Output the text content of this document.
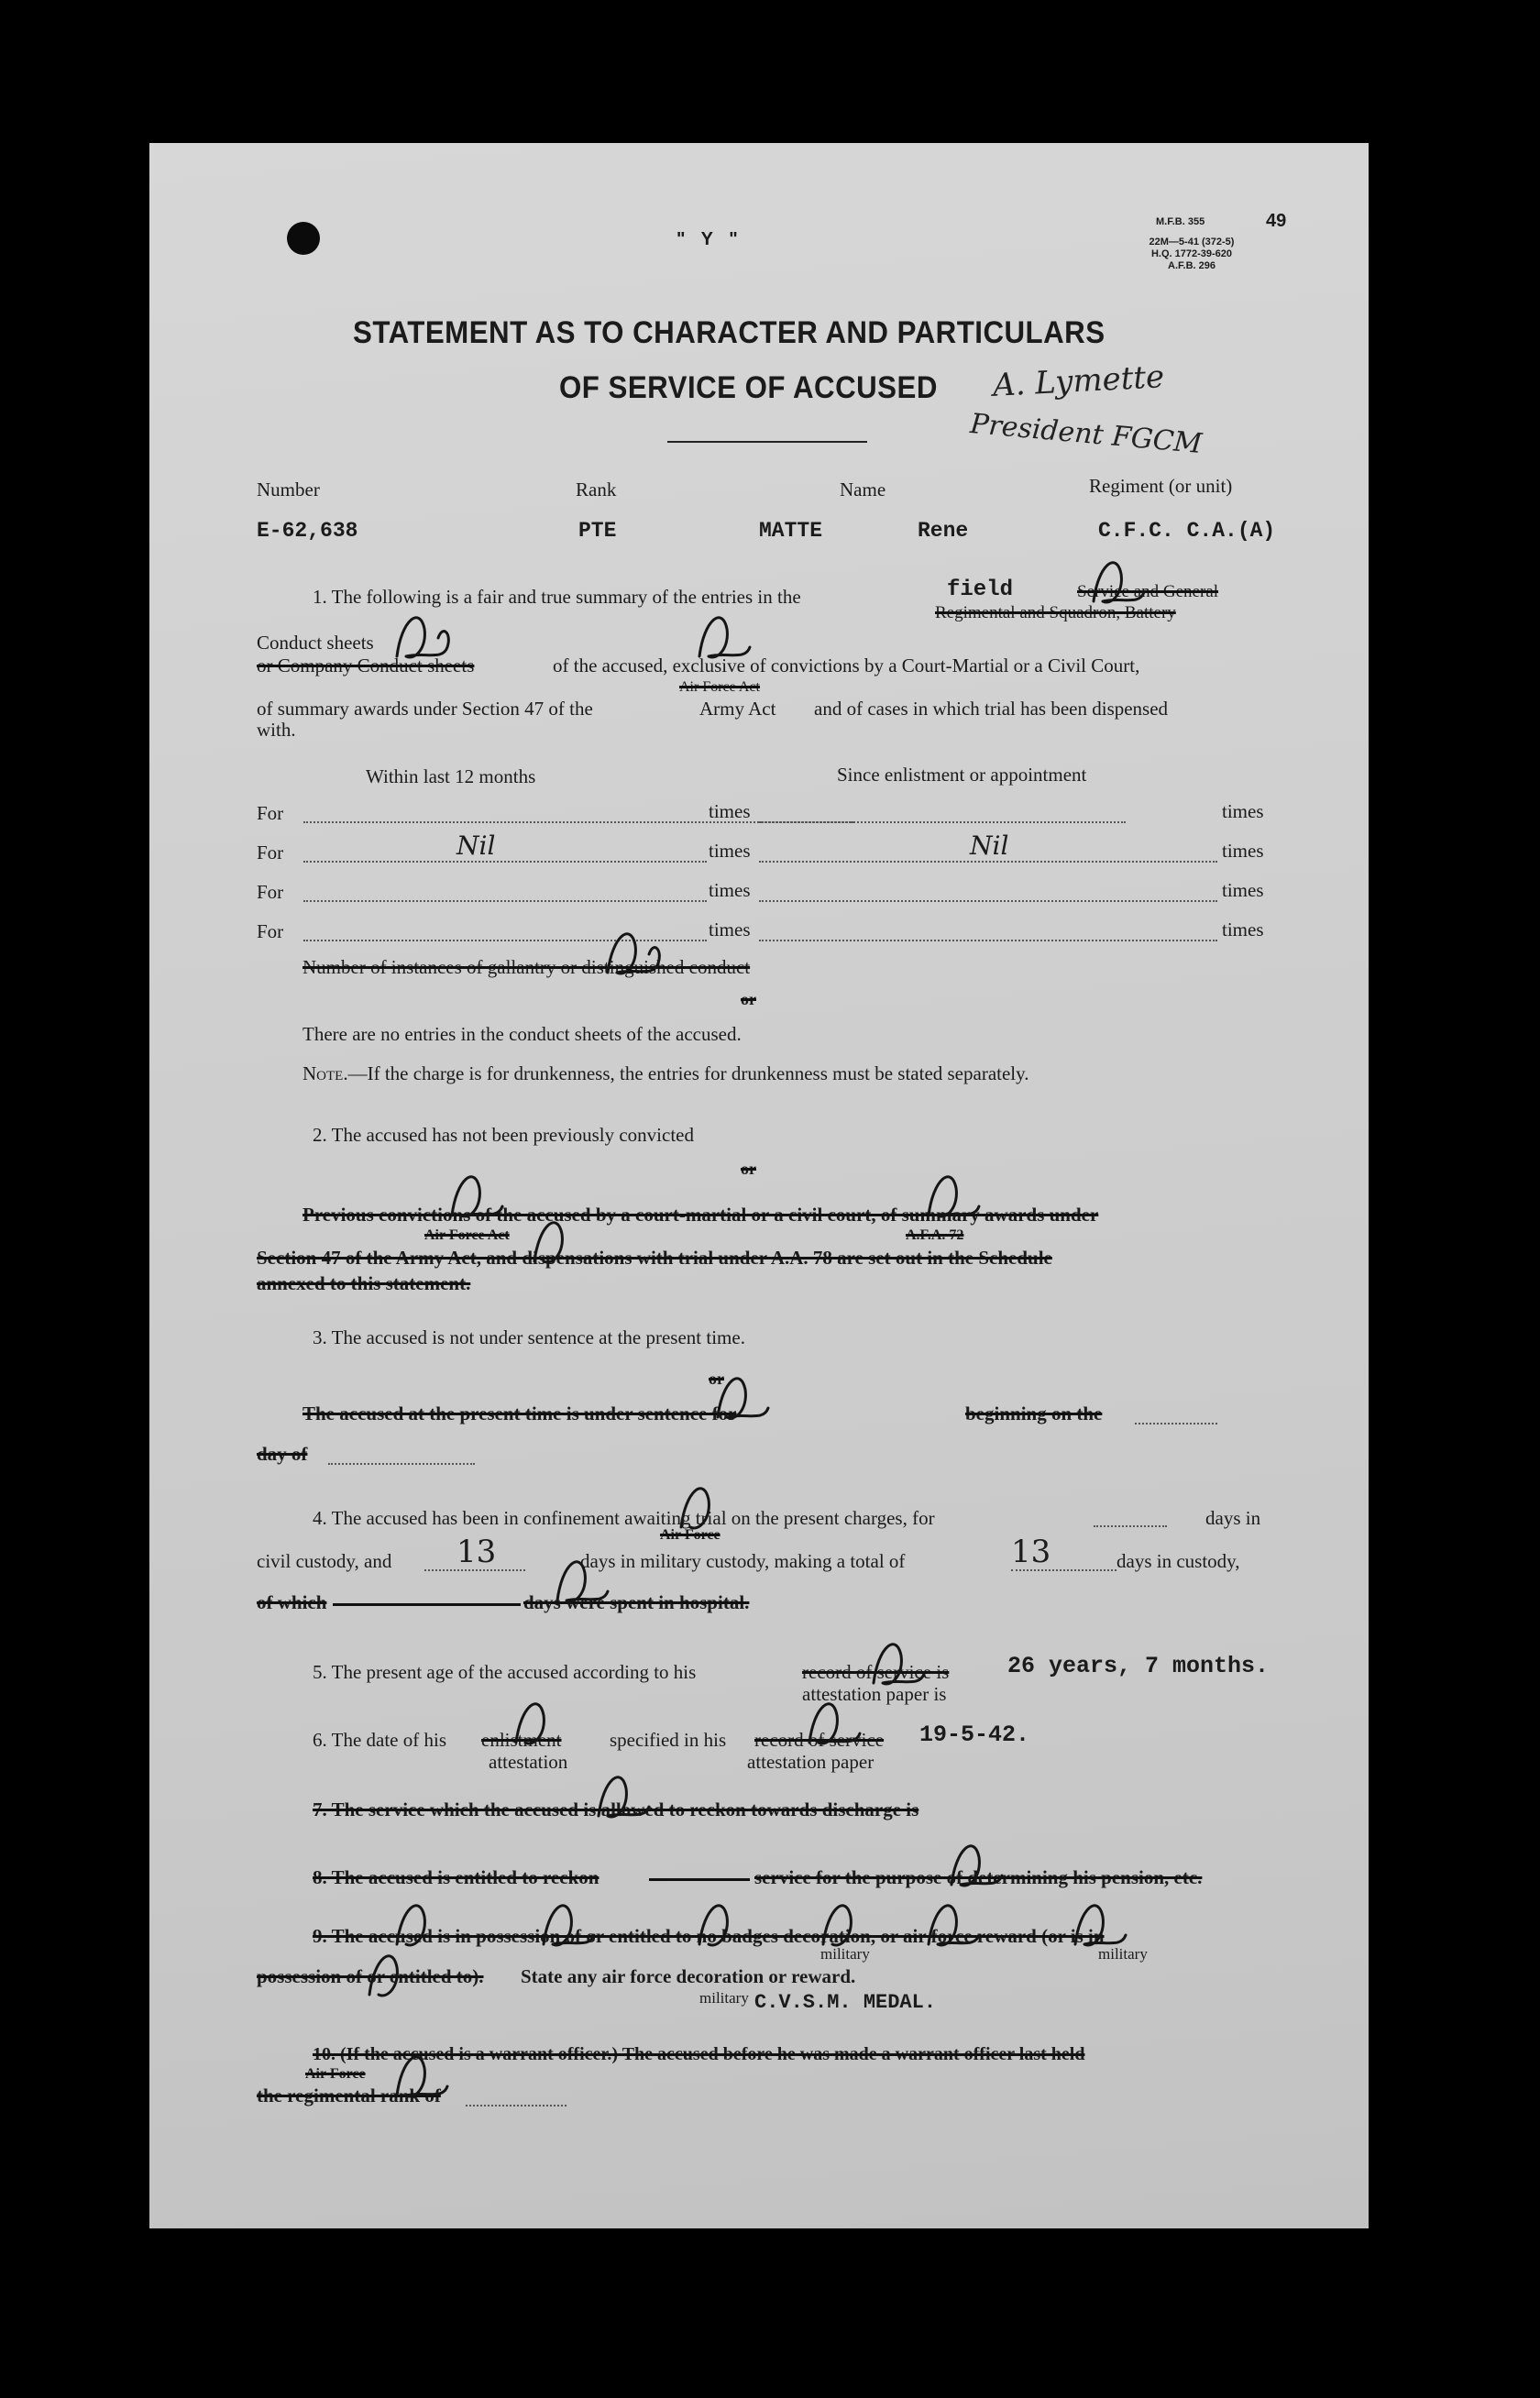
" Y "
M.F.B. 355	49
22M—5-41 (372-5)
H.Q. 1772-39-620
A.F.B. 296
STATEMENT AS TO CHARACTER AND PARTICULARS
OF SERVICE OF ACCUSED A. Lymette
President FGCM
Number	Rank	Name	Regiment (or unit)
E-62,638	PTE	MATTE	Rene	C.F.C. C.A.(A)
1. The following is a fair and true summary of the entries in the	field	Service and General
Regimental and Squadron, Battery
Conduct sheets
or Company Conduct sheets	of the accused, exclusive of convictions by a Court-Martial or a Civil Court,
Air Force Act
of summary awards under Section 47 of the	Army Act and of cases in which trial has been dispensed
with.
Within last 12 months	Since enlistment or appointment
For	times	times
For	Nil	times	Nil	times
For	times	times
For	times	times
Number of instances of gallantry or distinguished conduct
or
There are no entries in the conduct sheets of the accused.
Note.—If the charge is for drunkenness, the entries for drunkenness must be stated separately.
2. The accused has not been previously convicted
or
Previous convictions of the accused by a court-martial or a civil court, of summary awards under
Air Force Act	A.F.A. 72
Section 47 of the Army Act, and dispensations with trial under A.A. 78 are set out in the Schedule
annexed to this statement.
3. The accused is not under sentence at the present time.
or
The accused at the present time is under sentence for	beginning on the
day of
4. The accused has been in confinement awaiting trial on the present charges, for	days in
Air Force
civil custody, and 13	days in military custody, making a total of	13	days in custody,
of which	days were spent in hospital.
5. The present age of the accused according to his	record of service is
attestation paper is
26 years, 7 months.
6. The date of his enlistment	specified in his record of service
attestation	attestation paper
19-5-42.
7. The service which the accused is allowed to reckon towards discharge is
8. The accused is entitled to reckon	service for the purpose of determining his pension, etc.
9. The accused is in possession of or entitled to no badges decoration, or air force reward (or is in
military	military
possession of or entitled to). State any air force decoration or reward.
military C.V.S.M. MEDAL.
10. (If the accused is a warrant officer.) The accused before he was made a warrant officer last held
Air Force
the regimental rank of
